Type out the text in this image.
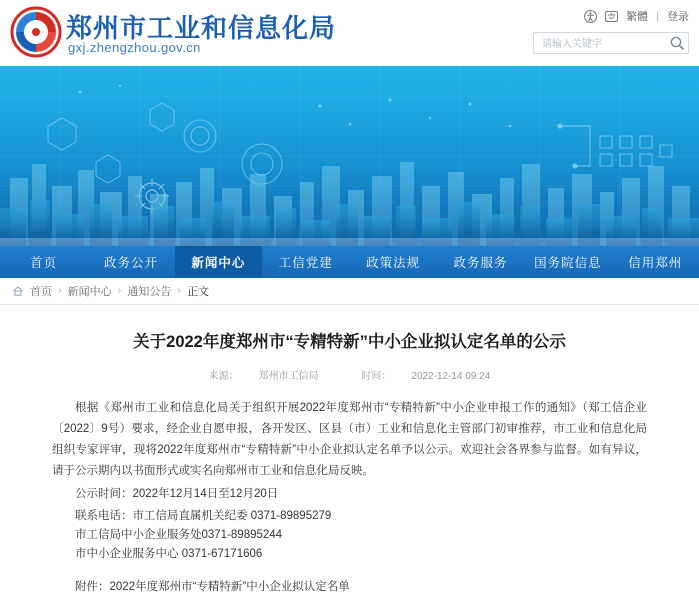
郑州市工业和信息化局
gxj.zhengzhou.gov.cn
繁體 | 登录
请输入关键字
首页	政务公开	新闻中心	工信党建	政策法规	政务服务	国务院信息	信用郑州
首页 › 新闻中心 › 通知公告 › 正文
关于2022年度郑州市“专精特新”中小企业拟认定名单的公示
来源： 郑州市工信局	时间： 2022-12-14 09:24

根据《郑州市工业和信息化局关于组织开展2022年度郑州市“专精特新”中小企业申报工作的通知》（郑工信企业〔2022〕9号）要求，经企业自愿申报，各开发区、区县（市）工业和信息化主管部门初审推荐，市工业和信息化局组织专家评审，现将2022年度郑州市“专精特新”中小企业拟认定名单予以公示。欢迎社会各界参与监督。如有异议，请于公示期内以书面形式或实名向郑州市工业和信息化局反映。

公示时间：2022年12月14日至12月20日

联系电话：市工信局直属机关纪委 0371-89895279

市工信局中小企业服务处0371-89895244

市中小企业服务中心 0371-67171606

附件：2022年度郑州市“专精特新”中小企业拟认定名单
